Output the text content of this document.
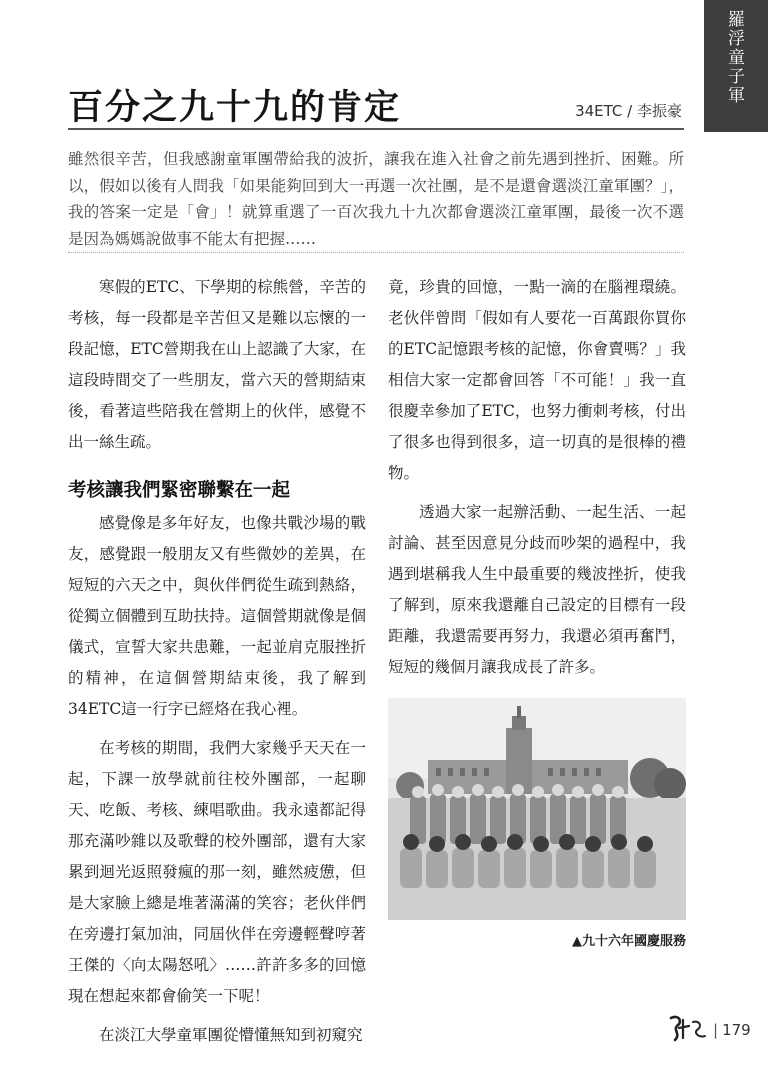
羅浮童子軍
百分之九十九的肯定	34ETC / 李振豪

雖然很辛苦，但我感謝童軍團帶給我的波折，讓我在進入社會之前先遇到挫折、困難。所以，假如以後有人問我「如果能夠回到大一再選一次社團，是不是還會選淡江童軍團？」，我的答案一定是「會」！就算重選了一百次我九十九次都會選淡江童軍團，最後一次不選是因為媽媽說做事不能太有把握……

寒假的ETC、下學期的棕熊營，辛苦的考核，每一段都是辛苦但又是難以忘懷的一段記憶，ETC營期我在山上認識了大家，在這段時間交了一些朋友，當六天的營期結束後，看著這些陪我在營期上的伙伴，感覺不出一絲生疏。

考核讓我們緊密聯繫在一起

感覺像是多年好友，也像共戰沙場的戰友，感覺跟一般朋友又有些微妙的差異，在短短的六天之中，與伙伴們從生疏到熱絡，從獨立個體到互助扶持。這個營期就像是個儀式，宣誓大家共患難，一起並肩克服挫折的精神，在這個營期結束後，我了解到34ETC這一行字已經烙在我心裡。

在考核的期間，我們大家幾乎天天在一起，下課一放學就前往校外團部，一起聊天、吃飯、考核、練唱歌曲。我永遠都記得那充滿吵雜以及歌聲的校外團部，還有大家累到迴光返照發瘋的那一刻，雖然疲憊，但是大家臉上總是堆著滿滿的笑容；老伙伴們在旁邊打氣加油，同屆伙伴在旁邊輕聲哼著王傑的〈向太陽怒吼〉……許許多多的回憶現在想起來都會偷笑一下呢！

在淡江大學童軍團從懵懂無知到初窺究

竟，珍貴的回憶，一點一滴的在腦裡環繞。老伙伴曾問「假如有人要花一百萬跟你買你的ETC記憶跟考核的記憶，你會賣嗎？」我相信大家一定都會回答「不可能！」我一直很慶幸參加了ETC，也努力衝刺考核，付出了很多也得到很多，這一切真的是很棒的禮物。

透過大家一起辦活動、一起生活、一起討論、甚至因意見分歧而吵架的過程中，我遇到堪稱我人生中最重要的幾波挫折，使我了解到，原來我還離自己設定的目標有一段距離，我還需要再努力，我還必須再奮鬥，短短的幾個月讓我成長了許多。

▲九十六年國慶服務
| 179
